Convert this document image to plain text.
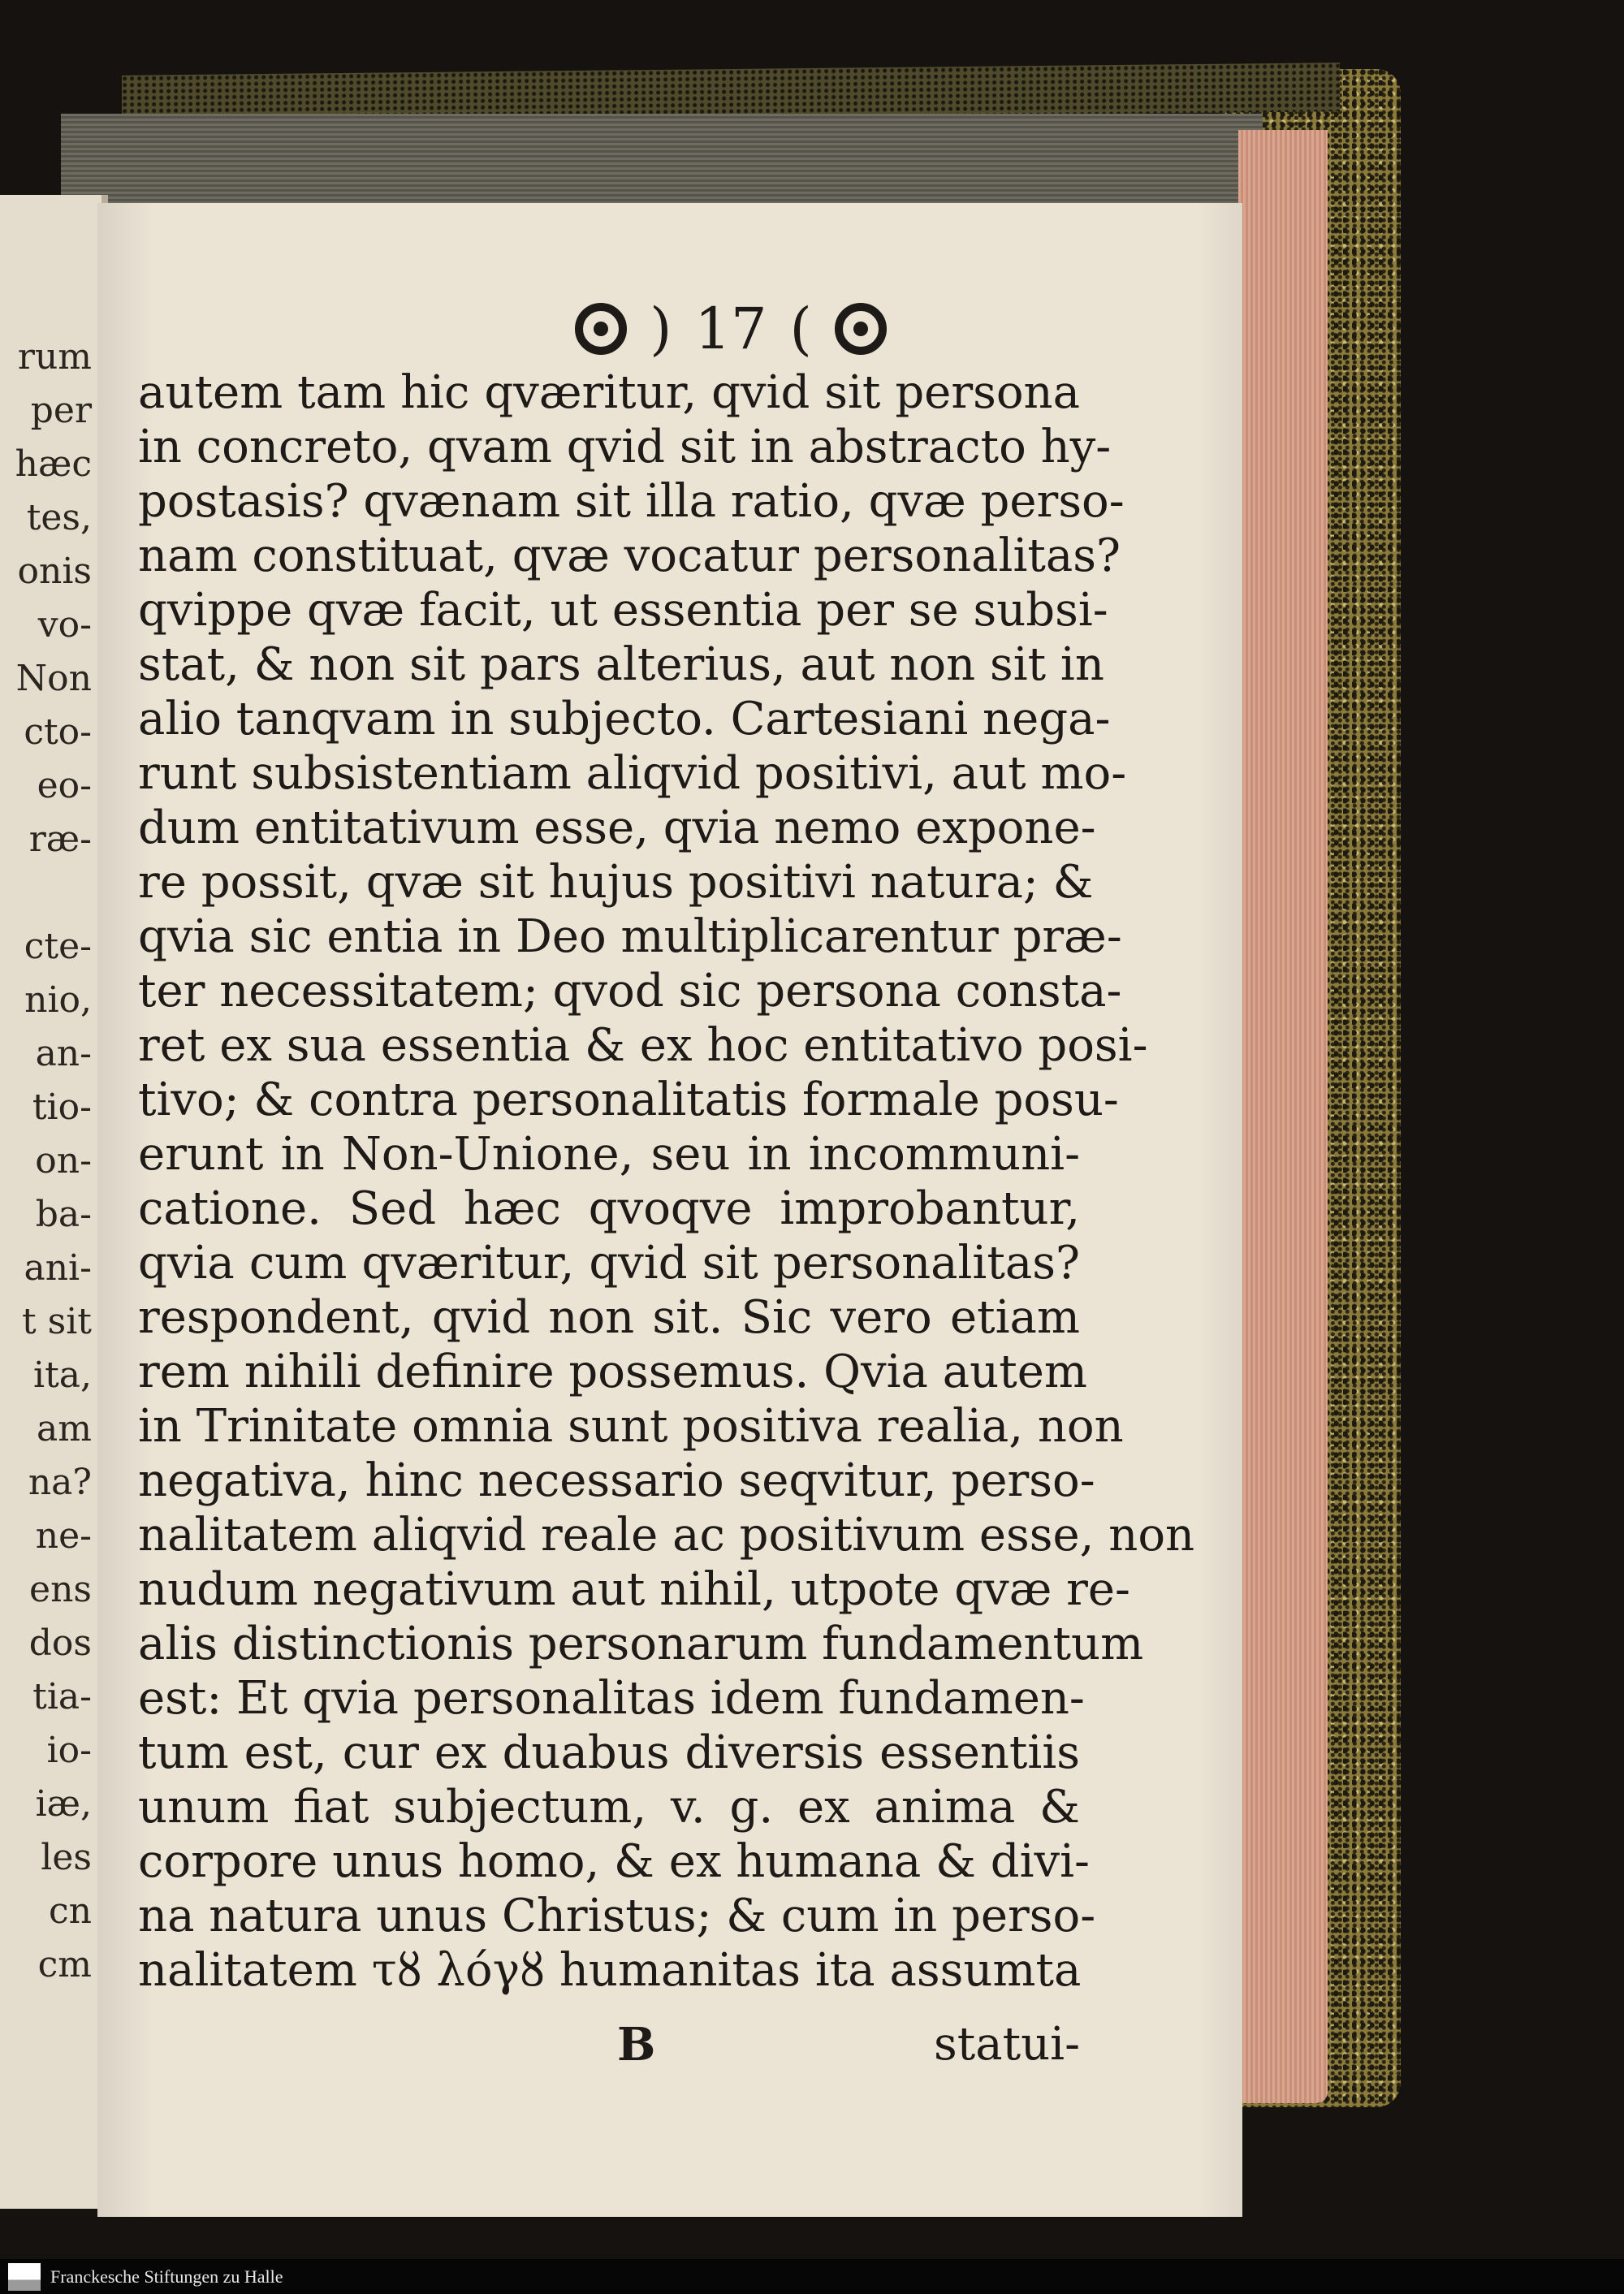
rum
per
hæc
tes,
onis
vo-
Non
cto-
eo-
ræ-
cte-
nio,
an-
tio-
on-
ba-
ani-
t sit
ita,
am
na?
ne-
ens
dos
tia-
io-
iæ,
les
cn
cm
) 17 (
autem tam hic qværitur, qvid sit persona
in concreto, qvam qvid sit in abstracto hy-
postasis? qvænam sit illa ratio, qvæ perso-
nam constituat, qvæ vocatur personalitas?
qvippe qvæ facit, ut essentia per se subsi-
stat, & non sit pars alterius, aut non sit in
alio tanqvam in subjecto. Cartesiani nega-
runt subsistentiam aliqvid positivi, aut mo-
dum entitativum esse, qvia nemo expone-
re possit, qvæ sit hujus positivi natura; &
qvia sic entia in Deo multiplicarentur præ-
ter necessitatem; qvod sic persona consta-
ret ex sua essentia & ex hoc entitativo posi-
tivo; & contra personalitatis formale posu-
erunt in Non-Unione, seu in incommuni-
catione. Sed hæc qvoqve improbantur,
qvia cum qværitur, qvid sit personalitas?
respondent, qvid non sit. Sic vero etiam
rem nihili definire possemus. Qvia autem
in Trinitate omnia sunt positiva realia, non
negativa, hinc necessario seqvitur, perso-
nalitatem aliqvid reale ac positivum esse, non
nudum negativum aut nihil, utpote qvæ re-
alis distinctionis personarum fundamentum
est: Et qvia personalitas idem fundamen-
tum est, cur ex duabus diversis essentiis
unum fiat subjectum, v. g. ex anima &
corpore unus homo, & ex humana & divi-
na natura unus Christus; & cum in perso-
nalitatem τȣ λόγȣ humanitas ita assumta
B	statui-
Franckesche Stiftungen zu Halle
